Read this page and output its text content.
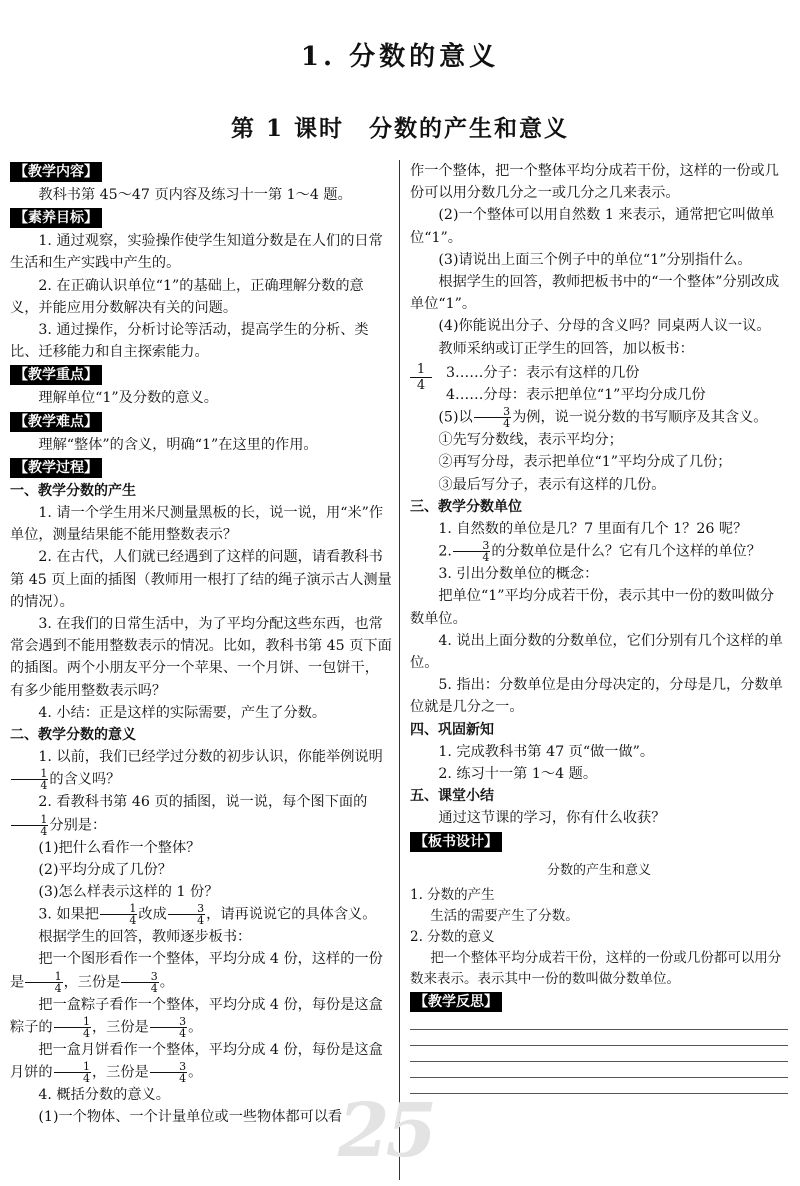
1. 分数的意义
第 1 课时　分数的产生和意义
【教学内容】

教科书第 45～47 页内容及练习十一第 1～4 题。

【素养目标】

1. 通过观察，实验操作使学生知道分数是在人们的日常生活和生产实践中产生的。

2. 在正确认识单位“1”的基础上，正确理解分数的意义，并能应用分数解决有关的问题。

3. 通过操作，分析讨论等活动，提高学生的分析、类比、迁移能力和自主探索能力。

【教学重点】

理解单位“1”及分数的意义。

【教学难点】

理解“整体”的含义，明确“1”在这里的作用。

【教学过程】
一、教学分数的产生

1. 请一个学生用米尺测量黑板的长，说一说，用“米”作单位，测量结果能不能用整数表示？

2. 在古代，人们就已经遇到了这样的问题，请看教科书第 45 页上面的插图（教师用一根打了结的绳子演示古人测量的情况）。

3. 在我们的日常生活中，为了平均分配这些东西，也常常会遇到不能用整数表示的情况。比如，教科书第 45 页下面的插图。两个小朋友平分一个苹果、一个月饼、一包饼干，有多少能用整数表示吗？

4. 小结：正是这样的实际需要，产生了分数。

二、教学分数的意义

1. 以前，我们已经学过分数的初步认识，你能举例说明
$\frac{1}{4}$ 的含义吗？

2. 看教科书第 46 页的插图，说一说，每个图下面的
$\frac{1}{4}$ 分别是：

(1)把什么看作一个整体？

(2)平均分成了几份？

(3)怎么样表示这样的 1 份？

3. 如果把 $\frac{1}{4}$ 改成 $\frac{3}{4}$ ，请再说说它的具体含义。

根据学生的回答，教师逐步板书：

把一个图形看作一个整体，平均分成 4 份，这样的一份是 $\frac{1}{4}$ ，三份是 $\frac{3}{4}$ 。

把一盒粽子看作一个整体，平均分成 4 份，每份是这盒粽子的 $\frac{1}{4}$ ，三份是 $\frac{3}{4}$ 。

把一盒月饼看作一个整体，平均分成 4 份，每份是这盒月饼的 $\frac{1}{4}$ ，三份是 $\frac{3}{4}$ 。

4. 概括分数的意义。

(1)一个物体、一个计量单位或一些物体都可以看

作一个整体，把一个整体平均分成若干份，这样的一份或几份可以用分数几分之一或几分之几来表示。

(2)一个整体可以用自然数 1 来表示，通常把它叫做单位“1”。

(3)请说出上面三个例子中的单位“1”分别指什么。

根据学生的回答，教师把板书中的“一个整体”分别改成单位“1”。

(4)你能说出分子、分母的含义吗？同桌两人议一议。

教师采纳或订正学生的回答，加以板书：

1
4
3……分子：表示有这样的几份
4……分母：表示把单位“1”平均分成几份

(5)以 $\frac{3}{4}$ 为例，说一说分数的书写顺序及其含义。

①先写分数线，表示平均分；

②再写分母，表示把单位“1”平均分成了几份；

③最后写分子，表示有这样的几份。

三、教学分数单位

1. 自然数的单位是几？7 里面有几个 1？26 呢？

2. $\frac{3}{4}$ 的分数单位是什么？它有几个这样的单位？

3. 引出分数单位的概念：

把单位“1”平均分成若干份，表示其中一份的数叫做分数单位。

4. 说出上面分数的分数单位，它们分别有几个这样的单位。

5. 指出：分数单位是由分母决定的，分母是几，分数单位就是几分之一。

四、巩固新知

1. 完成教科书第 47 页“做一做”。

2. 练习十一第 1～4 题。

五、课堂小结

通过这节课的学习，你有什么收获？

【板书设计】
分数的产生和意义
1. 分数的产生
生活的需要产生了分数。
2. 分数的意义
把一个整体平均分成若干份，这样的一份或几份都可以用分数来表示。表示其中一份的数叫做分数单位。
【教学反思】
25
